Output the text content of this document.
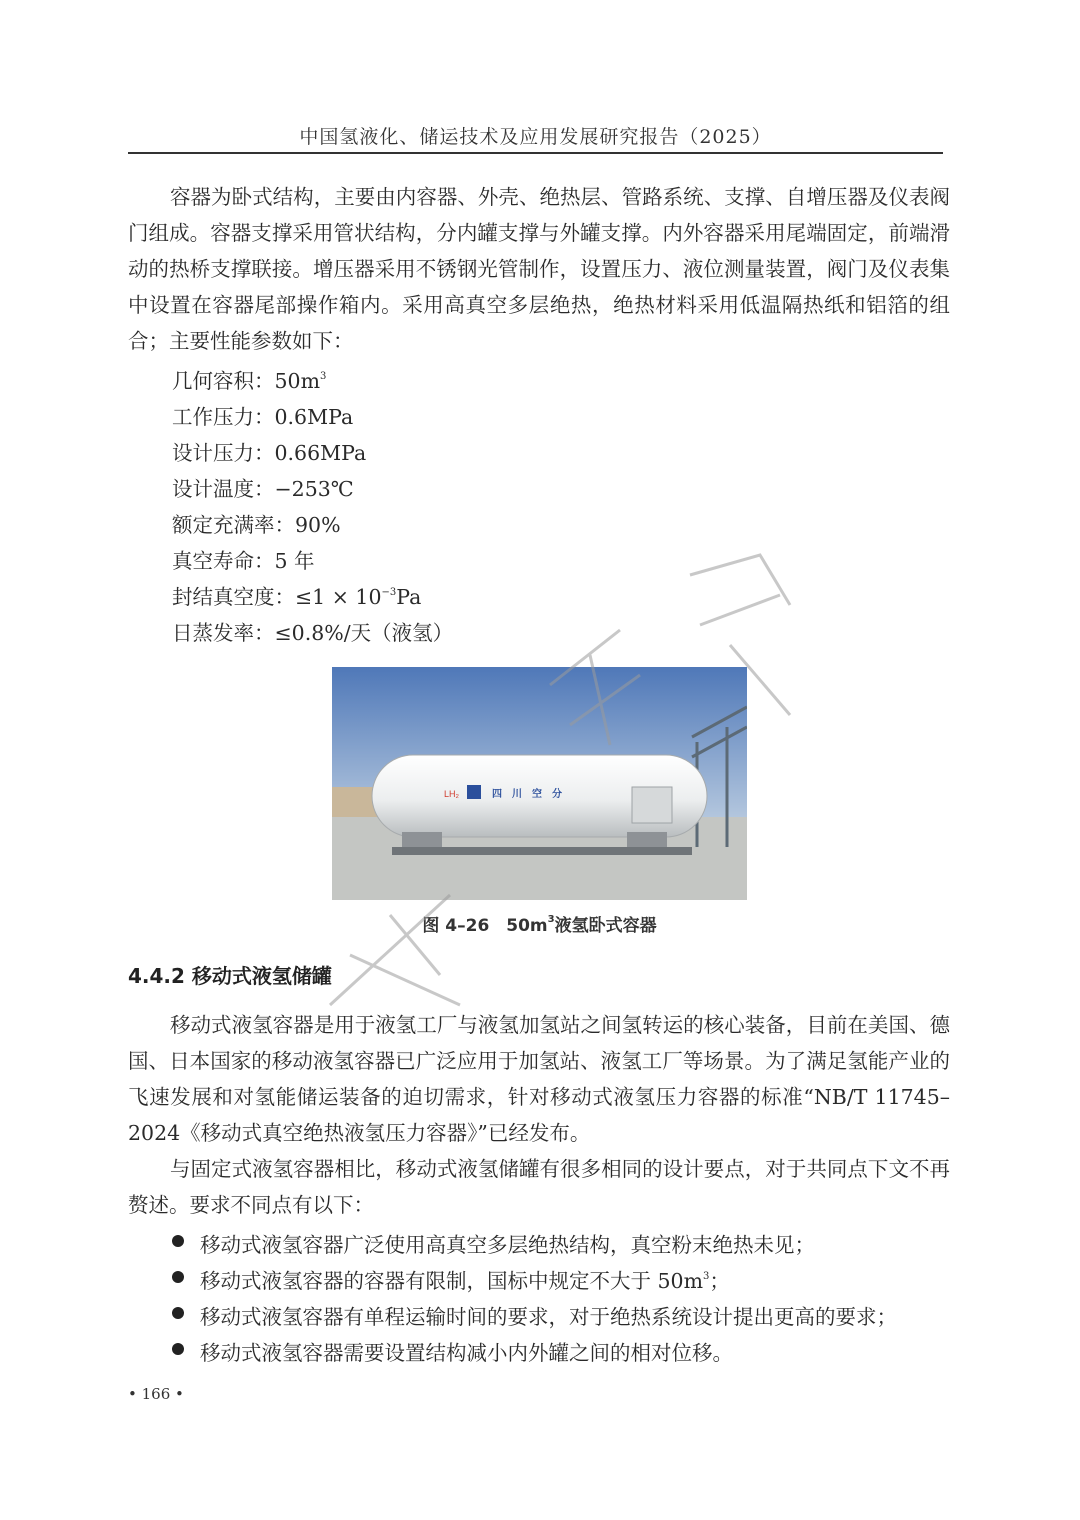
中国氢液化、储运技术及应用发展研究报告（2025）

容器为卧式结构，主要由内容器、外壳、绝热层、管路系统、支撑、自增压器及仪表阀门组成。容器支撑采用管状结构，分内罐支撑与外罐支撑。内外容器采用尾端固定，前端滑动的热桥支撑联接。增压器采用不锈钢光管制作，设置压力、液位测量装置，阀门及仪表集中设置在容器尾部操作箱内。采用高真空多层绝热，绝热材料采用低温隔热纸和铝箔的组合；主要性能参数如下：

几何容积：$50m^3$
工作压力：0.6MPa
设计压力：0.66MPa
设计温度：−253℃
额定充满率：90%
真空寿命：5 年
封结真空度：$\le 1 \times 10^{-3}Pa$
日蒸发率：≤0.8%/天（液氢）
LH₂	四　川　空　分
图 4–26　$50m^3$液氢卧式容器
4.4.2 移动式液氢储罐

移动式液氢容器是用于液氢工厂与液氢加氢站之间氢转运的核心装备，目前在美国、德国、日本国家的移动液氢容器已广泛应用于加氢站、液氢工厂等场景。为了满足氢能产业的飞速发展和对氢能储运装备的迫切需求，针对移动式液氢压力容器的标准“NB/T 11745–2024《移动式真空绝热液氢压力容器》”已经发布。

与固定式液氢容器相比，移动式液氢储罐有很多相同的设计要点，对于共同点下文不再赘述。要求不同点有以下：

移动式液氢容器广泛使用高真空多层绝热结构，真空粉末绝热未见；
移动式液氢容器的容器有限制，国标中规定不大于 $50m^3$；
移动式液氢容器有单程运输时间的要求，对于绝热系统设计提出更高的要求；
移动式液氢容器需要设置结构减小内外罐之间的相对位移。
• 166 •
